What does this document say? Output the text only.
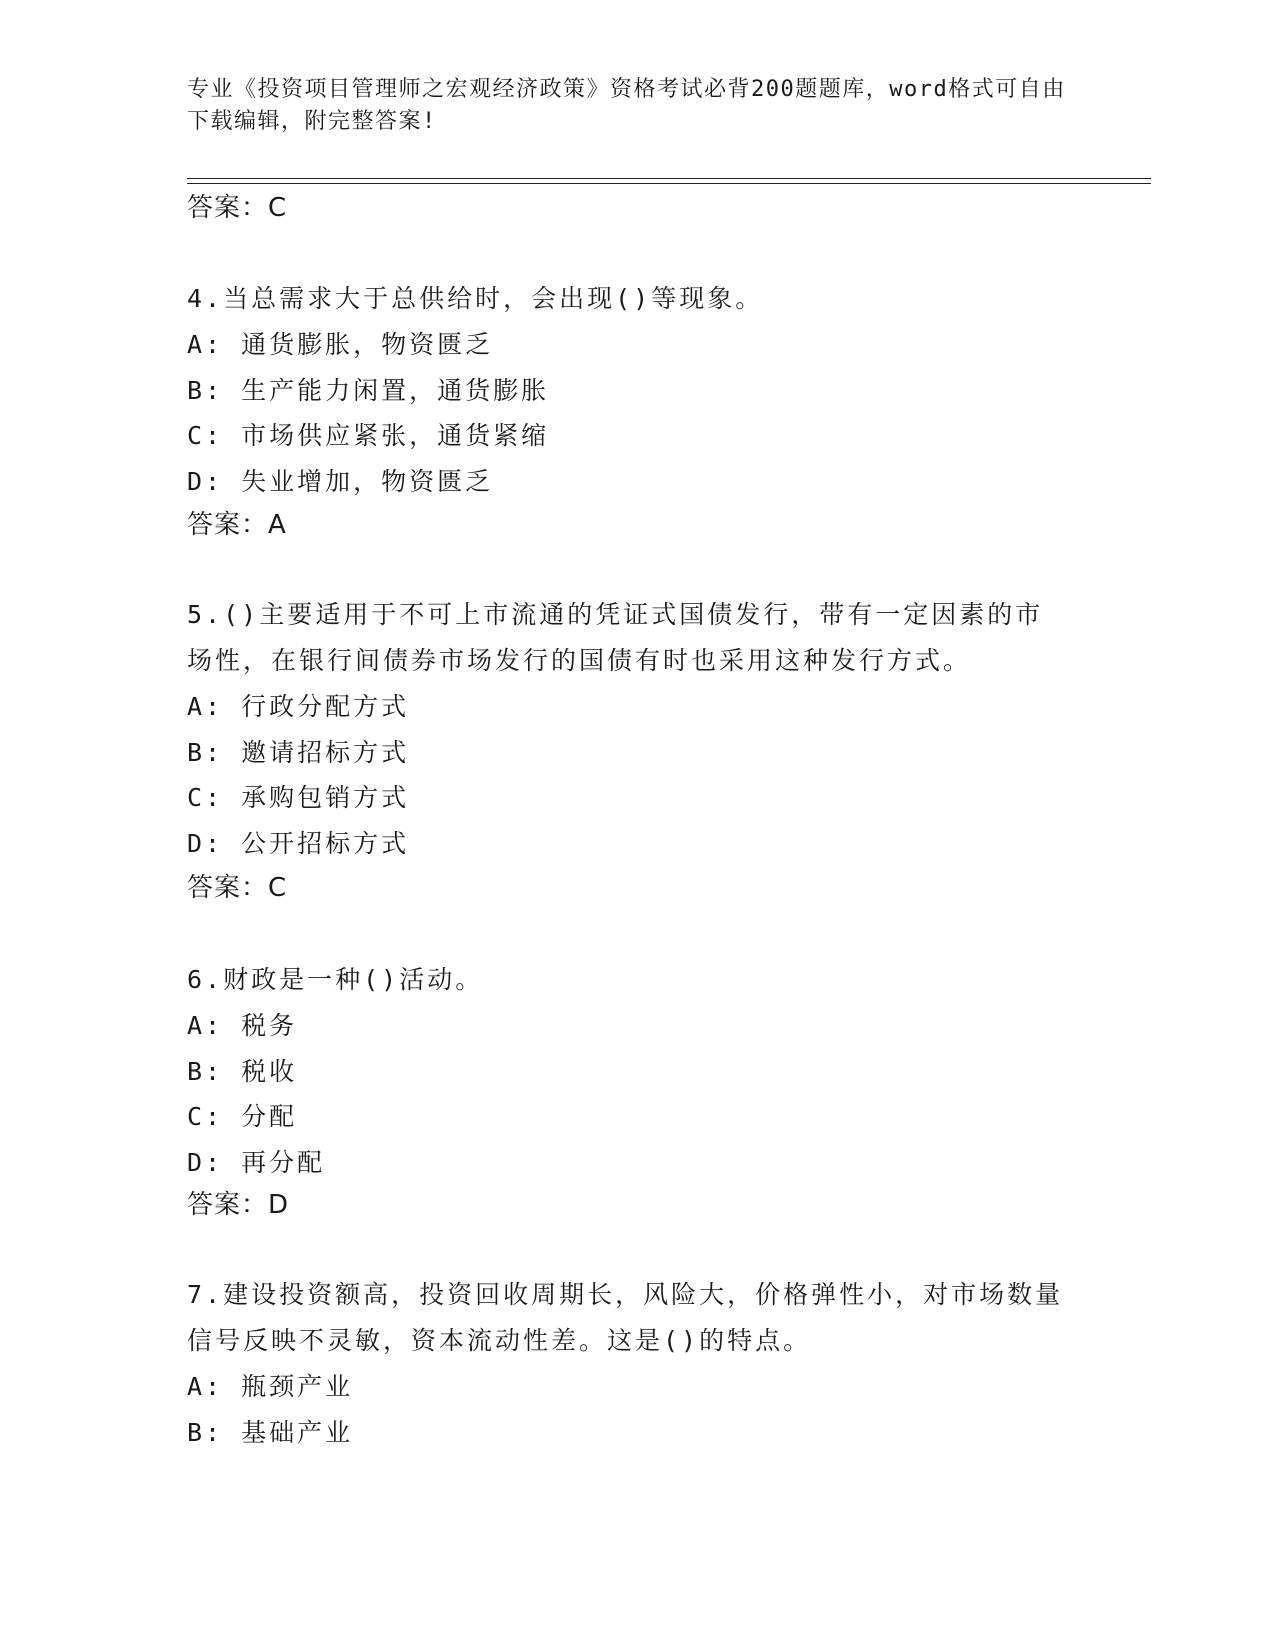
专业《投资项目管理师之宏观经济政策》资格考试必背200题题库，word格式可自由下载编辑，附完整答案!
答案：C

4.当总需求大于总供给时，会出现()等现象。

A: 通货膨胀，物资匮乏

B: 生产能力闲置，通货膨胀

C: 市场供应紧张，通货紧缩

D: 失业增加，物资匮乏

答案：A

5.()主要适用于不可上市流通的凭证式国债发行，带有一定因素的市场性，在银行间债券市场发行的国债有时也采用这种发行方式。

A: 行政分配方式

B: 邀请招标方式

C: 承购包销方式

D: 公开招标方式

答案：C

6.财政是一种()活动。

A: 税务

B: 税收

C: 分配

D: 再分配

答案：D

7.建设投资额高，投资回收周期长，风险大，价格弹性小，对市场数量信号反映不灵敏，资本流动性差。这是()的特点。

A: 瓶颈产业

B: 基础产业
